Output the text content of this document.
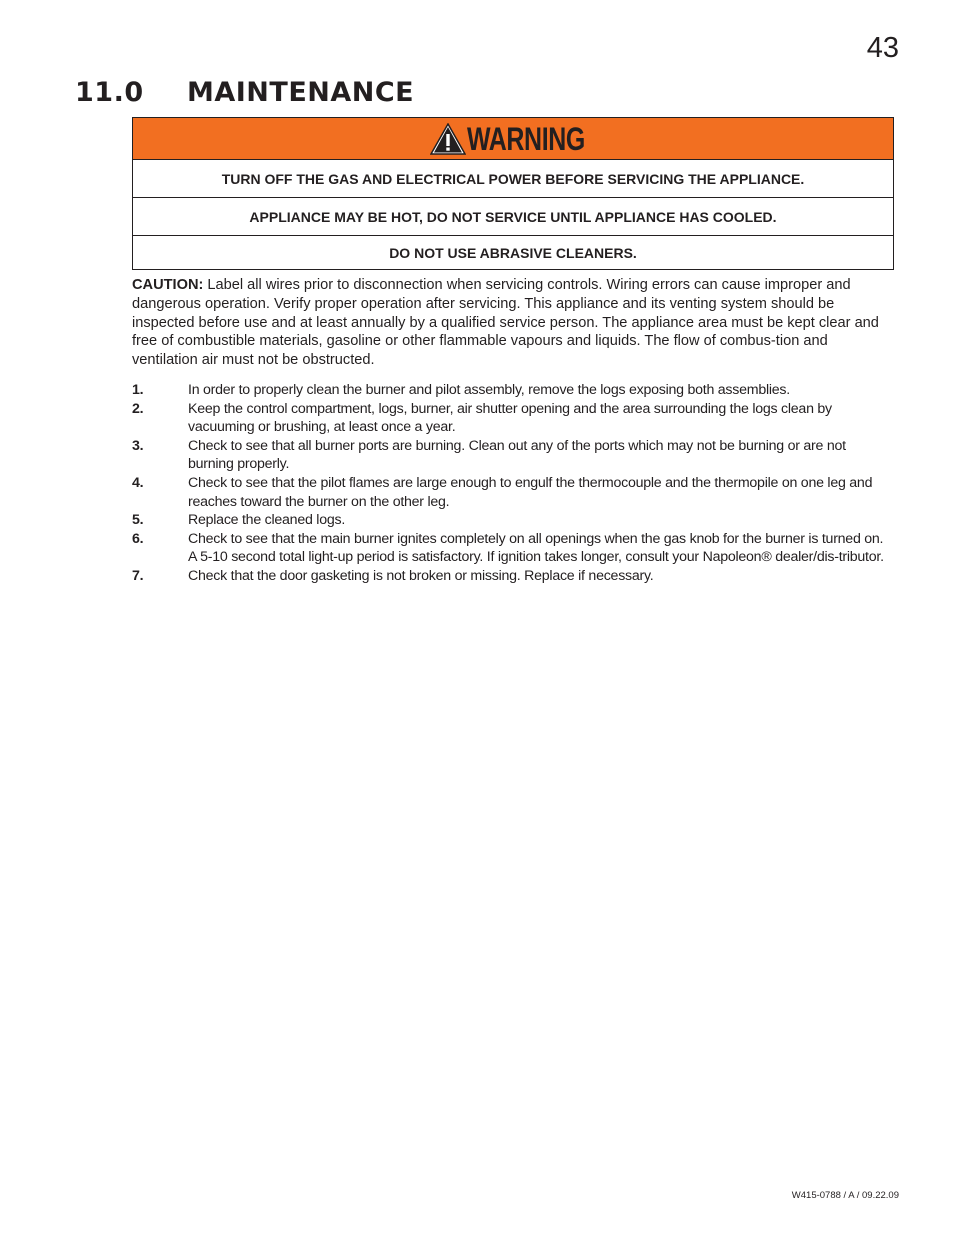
43
11.0 MAINTENANCE
WARNING
TURN OFF THE GAS AND ELECTRICAL POWER BEFORE SERVICING THE APPLIANCE.
APPLIANCE MAY BE HOT, DO NOT SERVICE UNTIL APPLIANCE HAS COOLED.
DO NOT USE ABRASIVE CLEANERS.

CAUTION: Label all wires prior to disconnection when servicing controls. Wiring errors can cause improper and dangerous operation. Verify proper operation after servicing. This appliance and its venting system should be inspected before use and at least annually by a qualified service person. The appliance area must be kept clear and free of combustible materials, gasoline or other flammable vapours and liquids. The flow of combus-tion and ventilation air must not be obstructed.

1.	In order to properly clean the burner and pilot assembly, remove the logs exposing both assemblies.
2.	Keep the control compartment, logs, burner, air shutter opening and the area surrounding the logs clean by vacuuming or brushing, at least once a year.
3.	Check to see that all burner ports are burning. Clean out any of the ports which may not be burning or are not burning properly.
4.	Check to see that the pilot flames are large enough to engulf the thermocouple and the thermopile on one leg and reaches toward the burner on the other leg.
5.	Replace the cleaned logs.
6.	Check to see that the main burner ignites completely on all openings when the gas knob for the burner is turned on. A 5-10 second total light-up period is satisfactory. If ignition takes longer, consult your Napoleon® dealer/dis-tributor.
7.	Check that the door gasketing is not broken or missing. Replace if necessary.
W415-0788 / A / 09.22.09
